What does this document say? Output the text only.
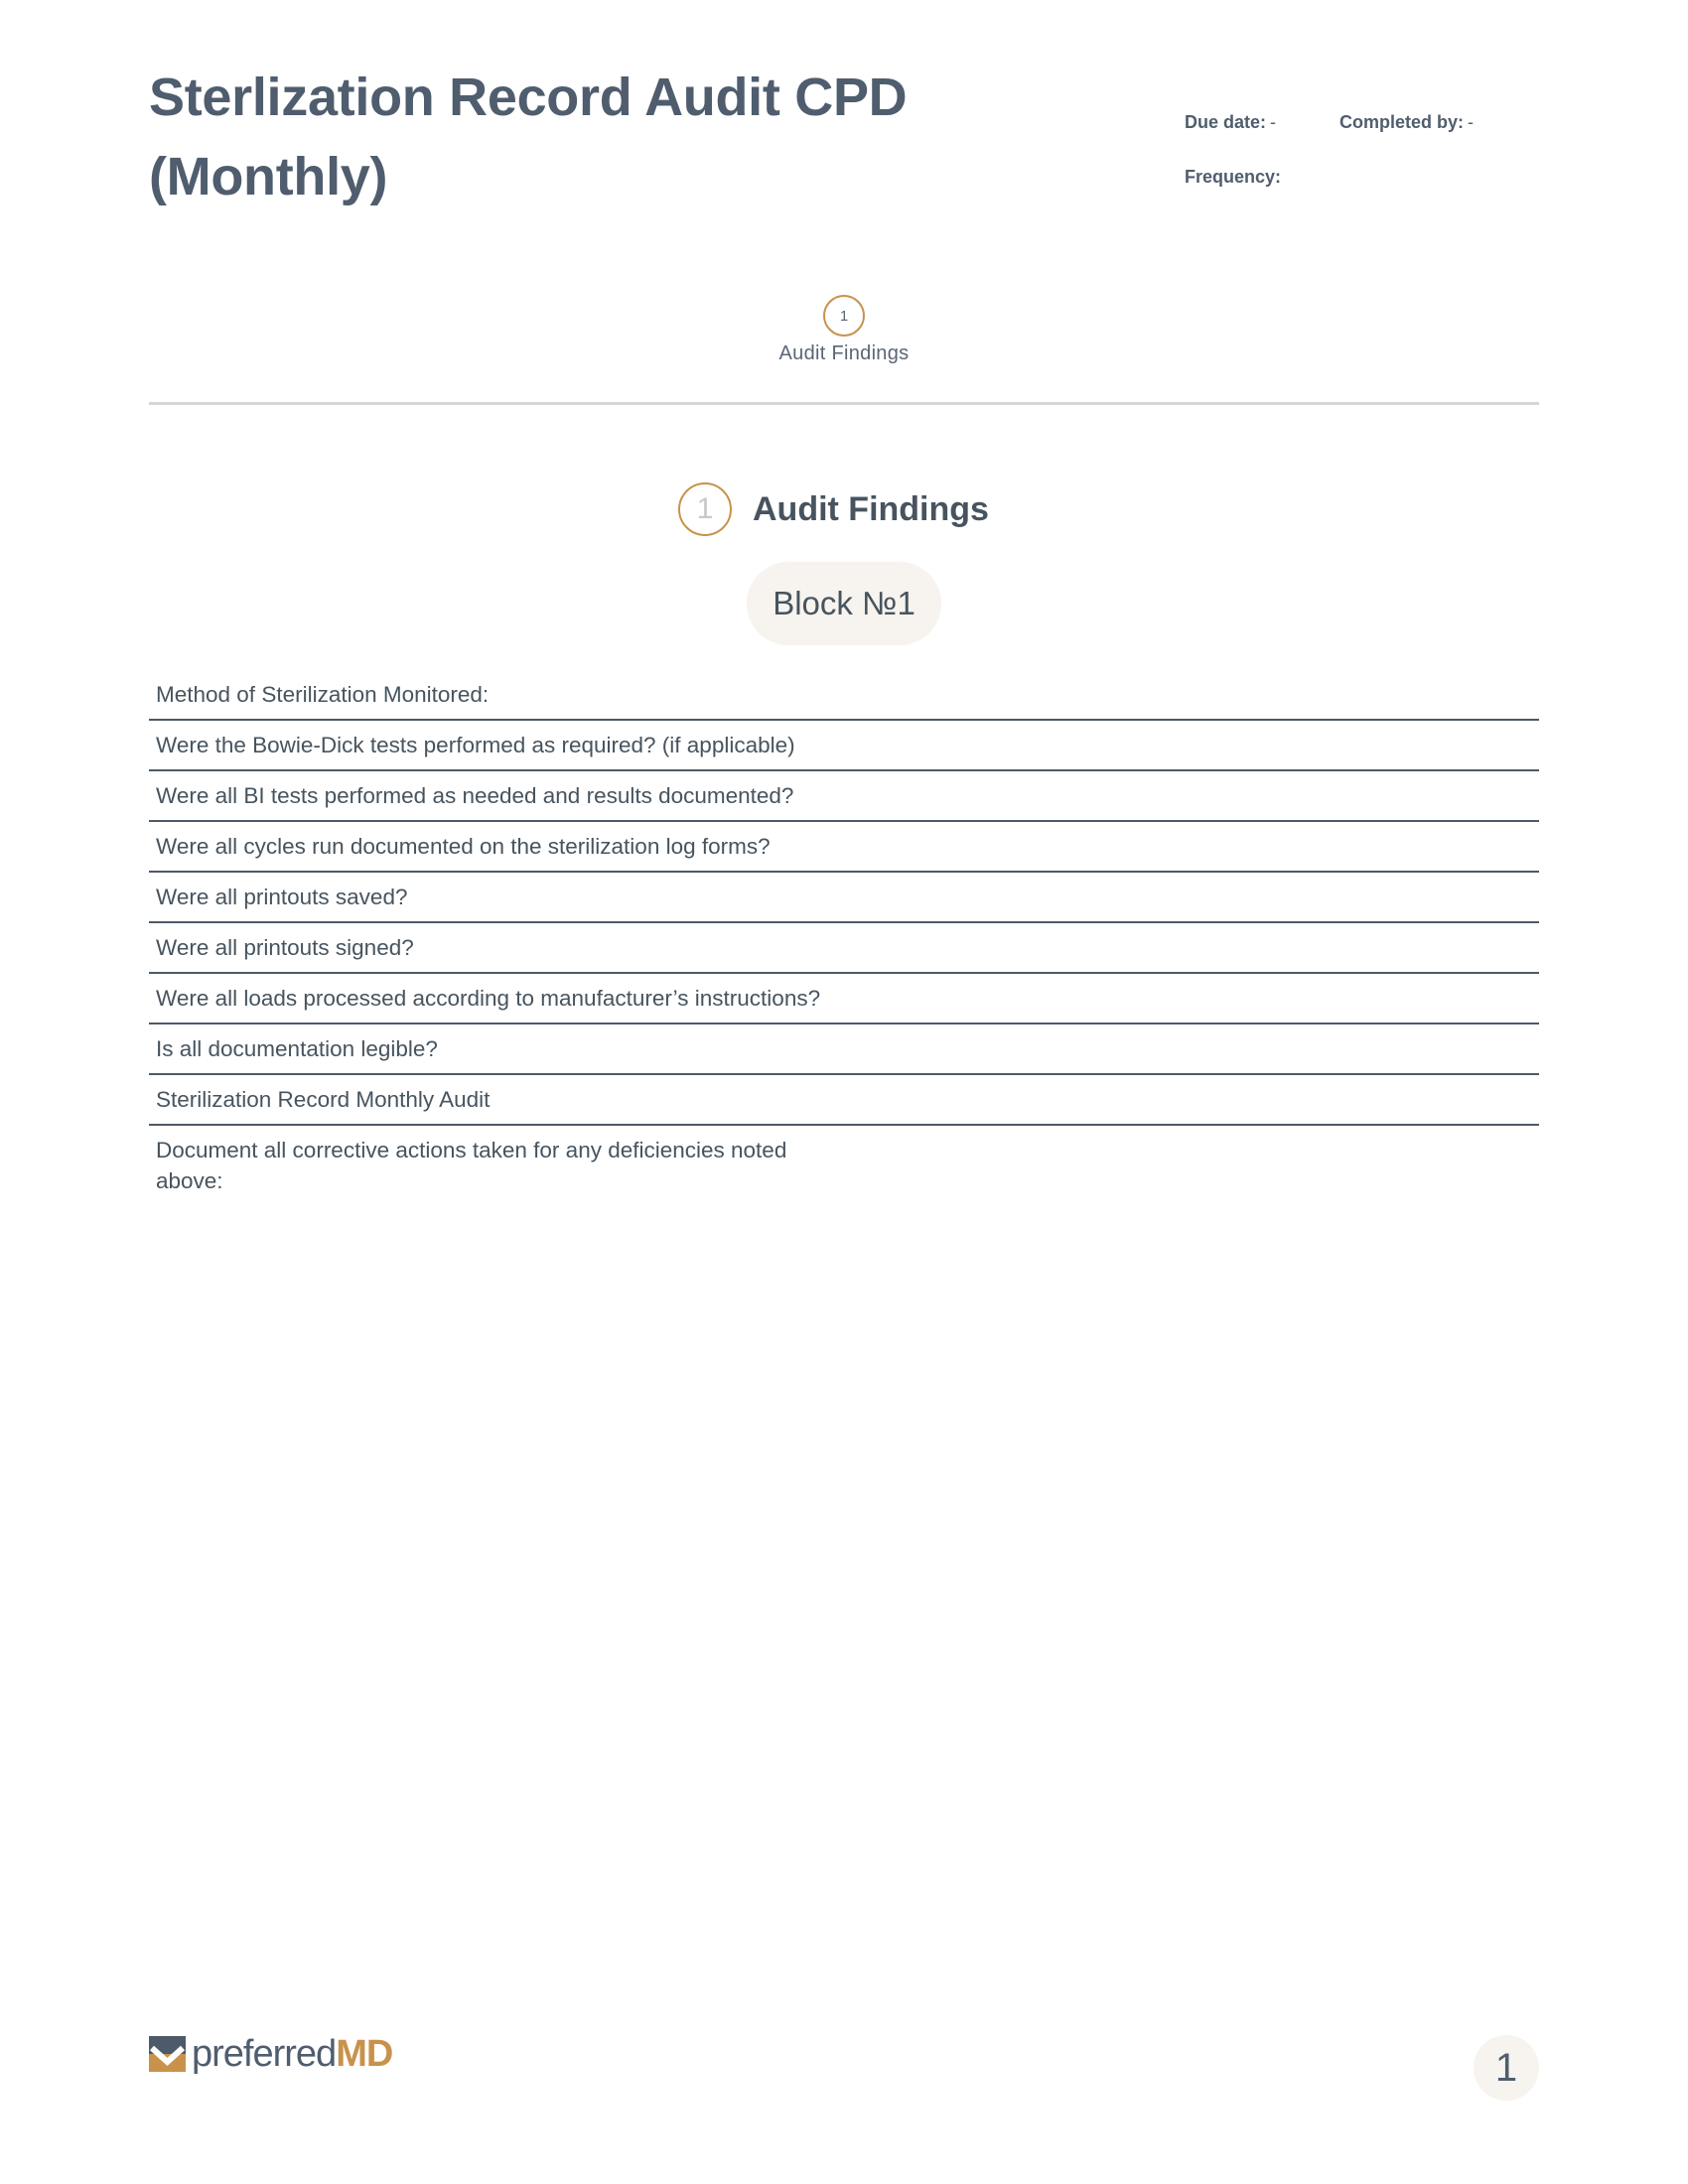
Sterlization Record Audit CPD (Monthly)
Due date: -	Completed by: -
Frequency:
1
Audit Findings
1	Audit Findings
Block №1
Method of Sterilization Monitored:
Were the Bowie-Dick tests performed as required? (if applicable)
Were all BI tests performed as needed and results documented?
Were all cycles run documented on the sterilization log forms?
Were all printouts saved?
Were all printouts signed?
Were all loads processed according to manufacturer’s instructions?
Is all documentation legible?
Sterilization Record Monthly Audit
Document all corrective actions taken for any deficiencies noted above:
preferredMD	1
